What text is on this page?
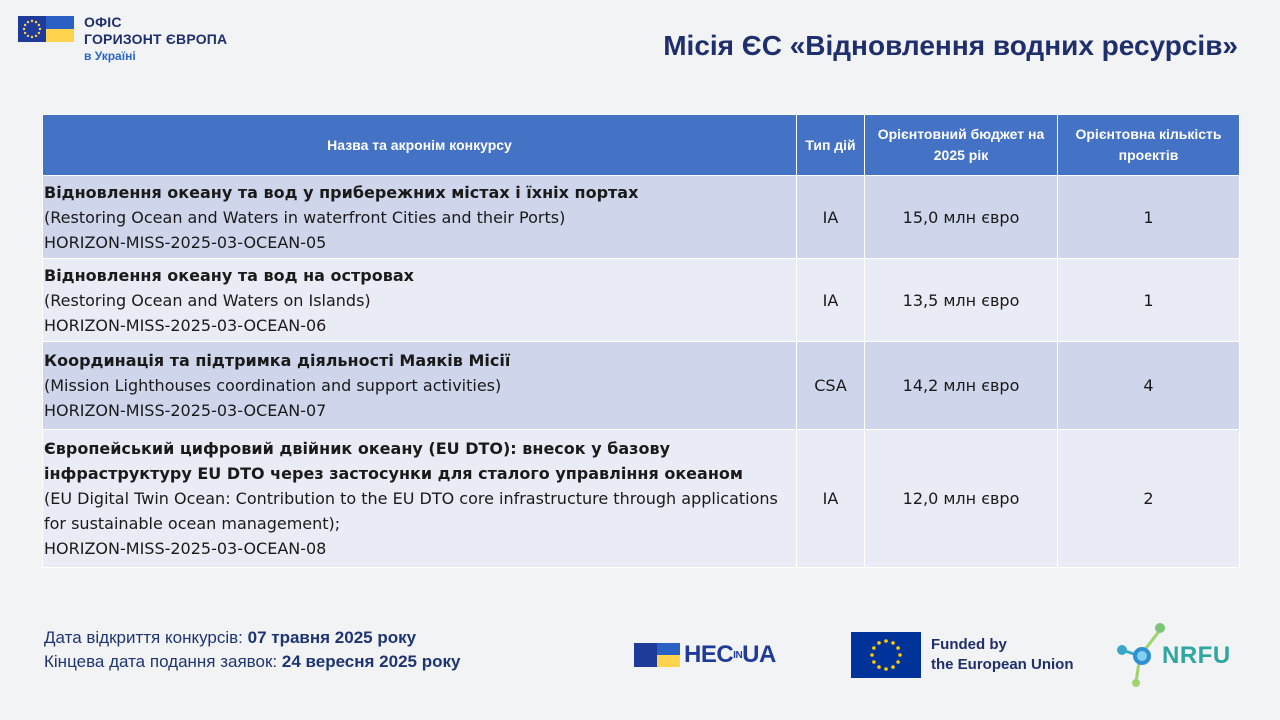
ОФІС
ГОРИЗОНТ ЄВРОПА
в Україні	Місія ЄС «Відновлення водних ресурсів»
Назва та акронім конкурсу	Тип дій	Орієнтовний бюджет на 2025 рік	Орієнтовна кількість проектів

Відновлення океану та вод у прибережних містах і їхніх портах
(Restoring Ocean and Waters in waterfront Cities and their Ports)
HORIZON-MISS-2025-03-OCEAN-05	IA	15,0 млн євро	1

Відновлення океану та вод на островах
(Restoring Ocean and Waters on Islands)
HORIZON-MISS-2025-03-OCEAN-06	IA	13,5 млн євро	1

Координація та підтримка діяльності Маяків Місії
(Mission Lighthouses coordination and support activities)
HORIZON-MISS-2025-03-OCEAN-07	CSA	14,2 млн євро	4

Європейський цифровий двійник океану (EU DTO): внесок у базову інфраструктуру EU DTO через застосунки для сталого управління океаном
(EU Digital Twin Ocean: Contribution to the EU DTO core infrastructure through applications for sustainable ocean management);
HORIZON-MISS-2025-03-OCEAN-08	IA	12,0 млн євро	2
Дата відкриття конкурсів: 07 травня 2025 року
Кінцева дата подання заявок: 24 вересня 2025 року	HECINUA	Funded by
the European Union	NRFU
